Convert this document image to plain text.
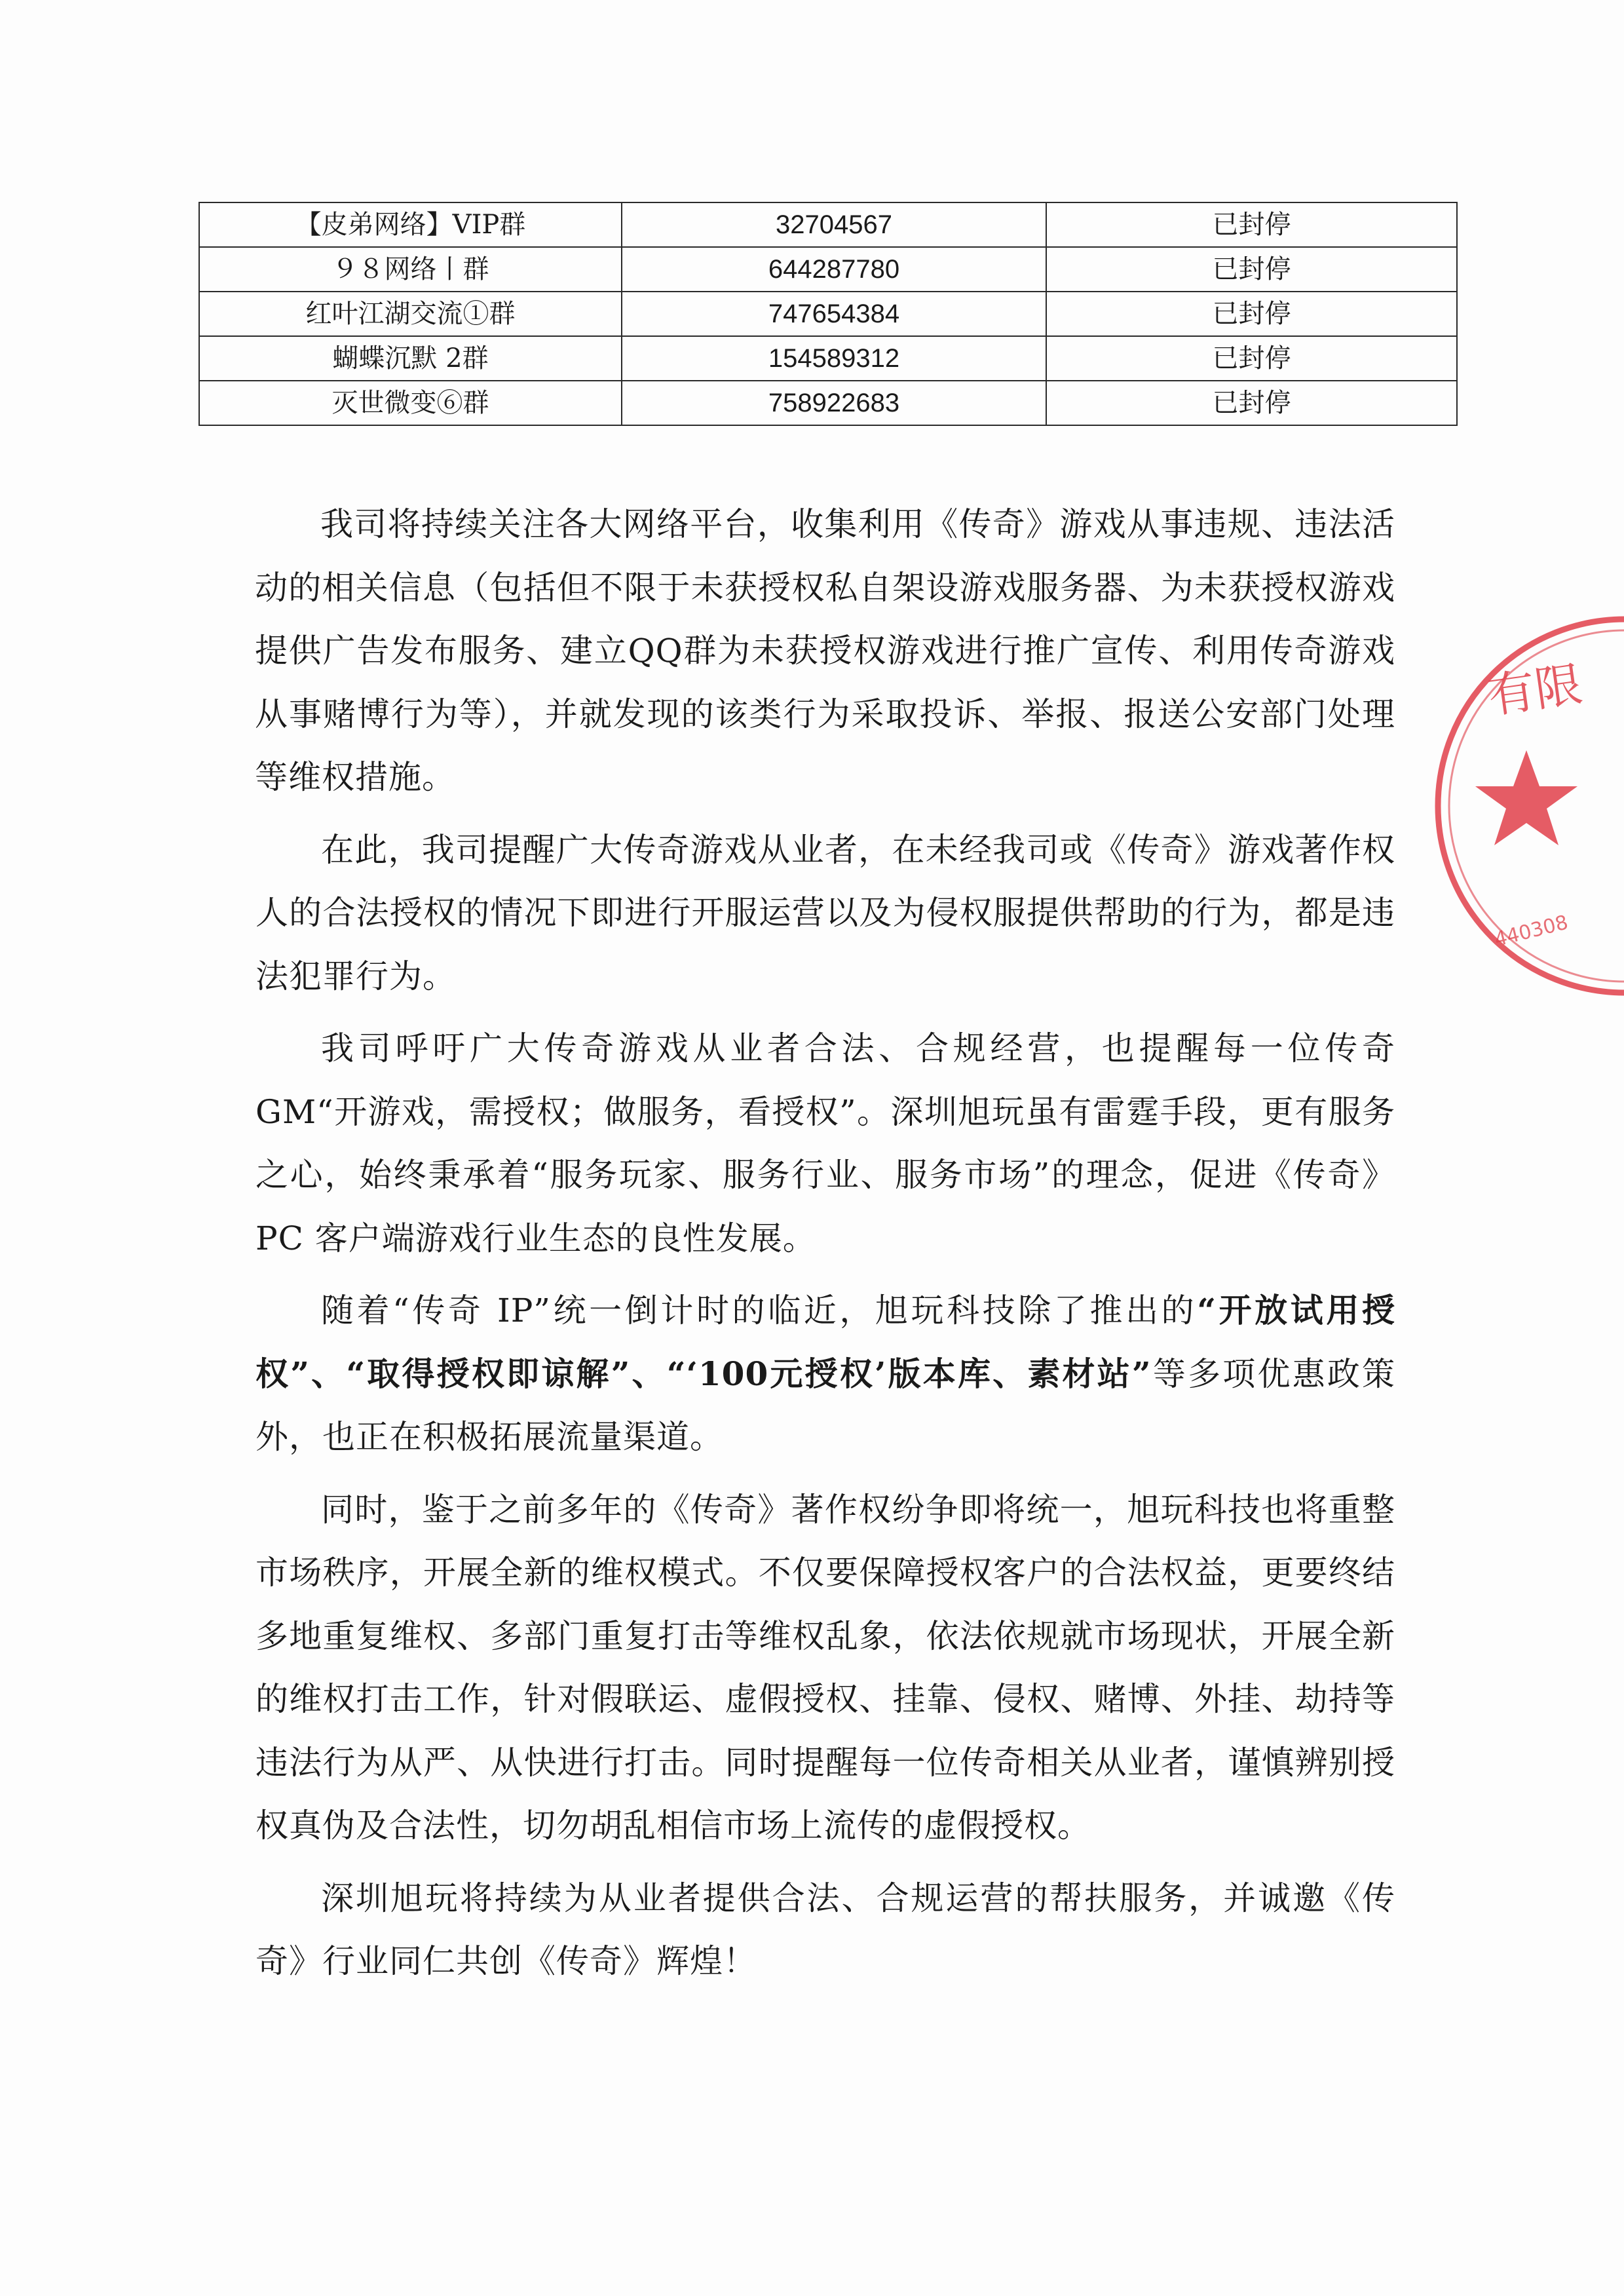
【皮弟网络】VIP群	32704567	已封停
９８网络丨群	644287780	已封停
红叶江湖交流①群	747654384	已封停
蝴蝶沉默 2群	154589312	已封停
灭世微变⑥群	758922683	已封停

我司将持续关注各大网络平台，收集利用《传奇》游戏从事违规、违法活动的相关信息（包括但不限于未获授权私自架设游戏服务器、为未获授权游戏提供广告发布服务、建立QQ群为未获授权游戏进行推广宣传、利用传奇游戏从事赌博行为等），并就发现的该类行为采取投诉、举报、报送公安部门处理等维权措施。

在此，我司提醒广大传奇游戏从业者，在未经我司或《传奇》游戏著作权人的合法授权的情况下即进行开服运营以及为侵权服提供帮助的行为，都是违法犯罪行为。

我司呼吁广大传奇游戏从业者合法、合规经营，也提醒每一位传奇 GM“开游戏，需授权；做服务，看授权”。深圳旭玩虽有雷霆手段，更有服务之心，始终秉承着“服务玩家、服务行业、服务市场”的理念，促进《传奇》PC 客户端游戏行业生态的良性发展。

随着“传奇 IP”统一倒计时的临近，旭玩科技除了推出的“开放试用授权”、“取得授权即谅解”、“‘100元授权’版本库、素材站”等多项优惠政策外，也正在积极拓展流量渠道。

同时，鉴于之前多年的《传奇》著作权纷争即将统一，旭玩科技也将重整市场秩序，开展全新的维权模式。不仅要保障授权客户的合法权益，更要终结多地重复维权、多部门重复打击等维权乱象，依法依规就市场现状，开展全新的维权打击工作，针对假联运、虚假授权、挂靠、侵权、赌博、外挂、劫持等违法行为从严、从快进行打击。同时提醒每一位传奇相关从业者，谨慎辨别授权真伪及合法性，切勿胡乱相信市场上流传的虚假授权。

深圳旭玩将持续为从业者提供合法、合规运营的帮扶服务，并诚邀《传奇》行业同仁共创《传奇》辉煌！

有限
440308
